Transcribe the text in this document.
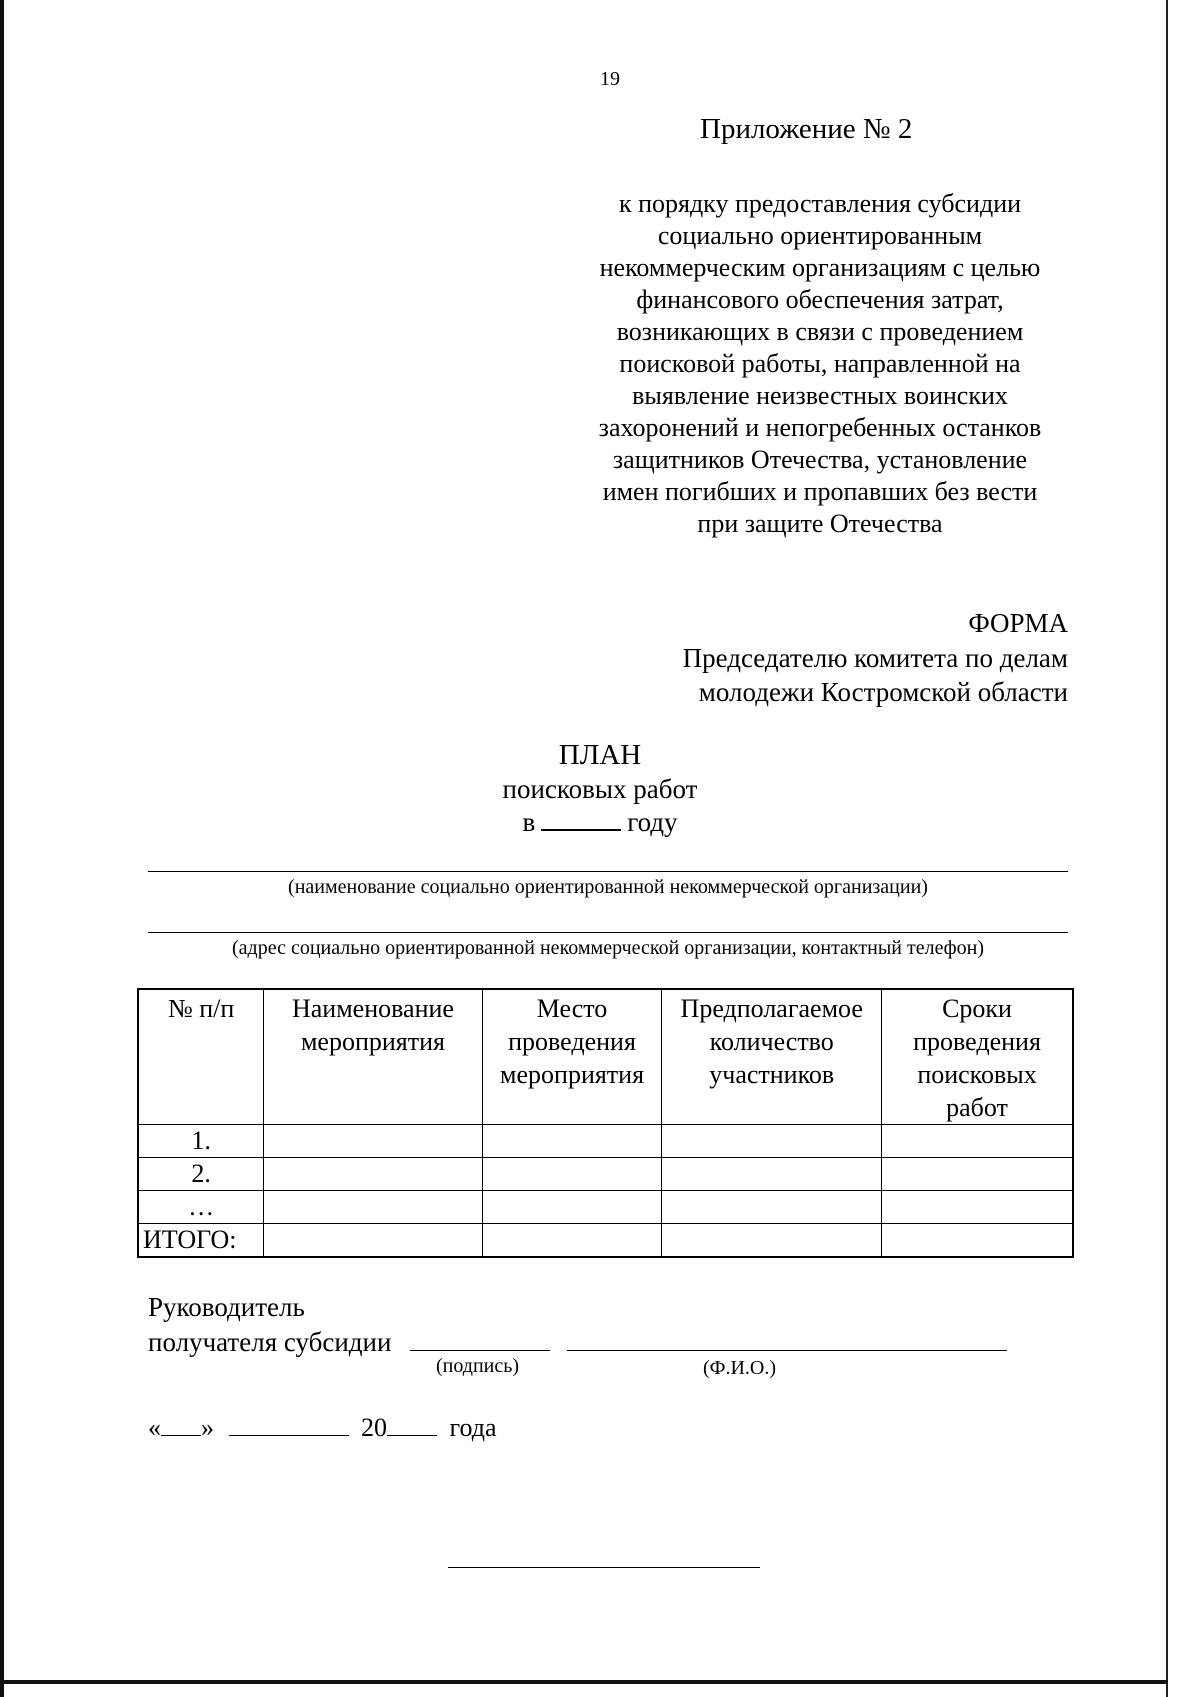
19
Приложение № 2
к порядку предоставления субсидии
социально ориентированным
некоммерческим организациям с целью
финансового обеспечения затрат,
возникающих в связи с проведением
поисковой работы, направленной на
выявление неизвестных воинских
захоронений и непогребенных останков
защитников Отечества, установление
имен погибших и пропавших без вести
при защите Отечества
ФОРМА
Председателю комитета по делам
молодежи Костромской области
ПЛАН
поисковых работ
в	году
(наименование социально ориентированной некоммерческой организации)
(адрес социально ориентированной некоммерческой организации, контактный телефон)
№ п/п	Наименование мероприятия	Место проведения мероприятия	Предполагаемое количество участников	Сроки проведения поисковых работ
1.				
2.				
…				
ИТОГО:				
Руководитель
получателя субсидии
(подпись)	(Ф.И.О.)
« »	20 года
